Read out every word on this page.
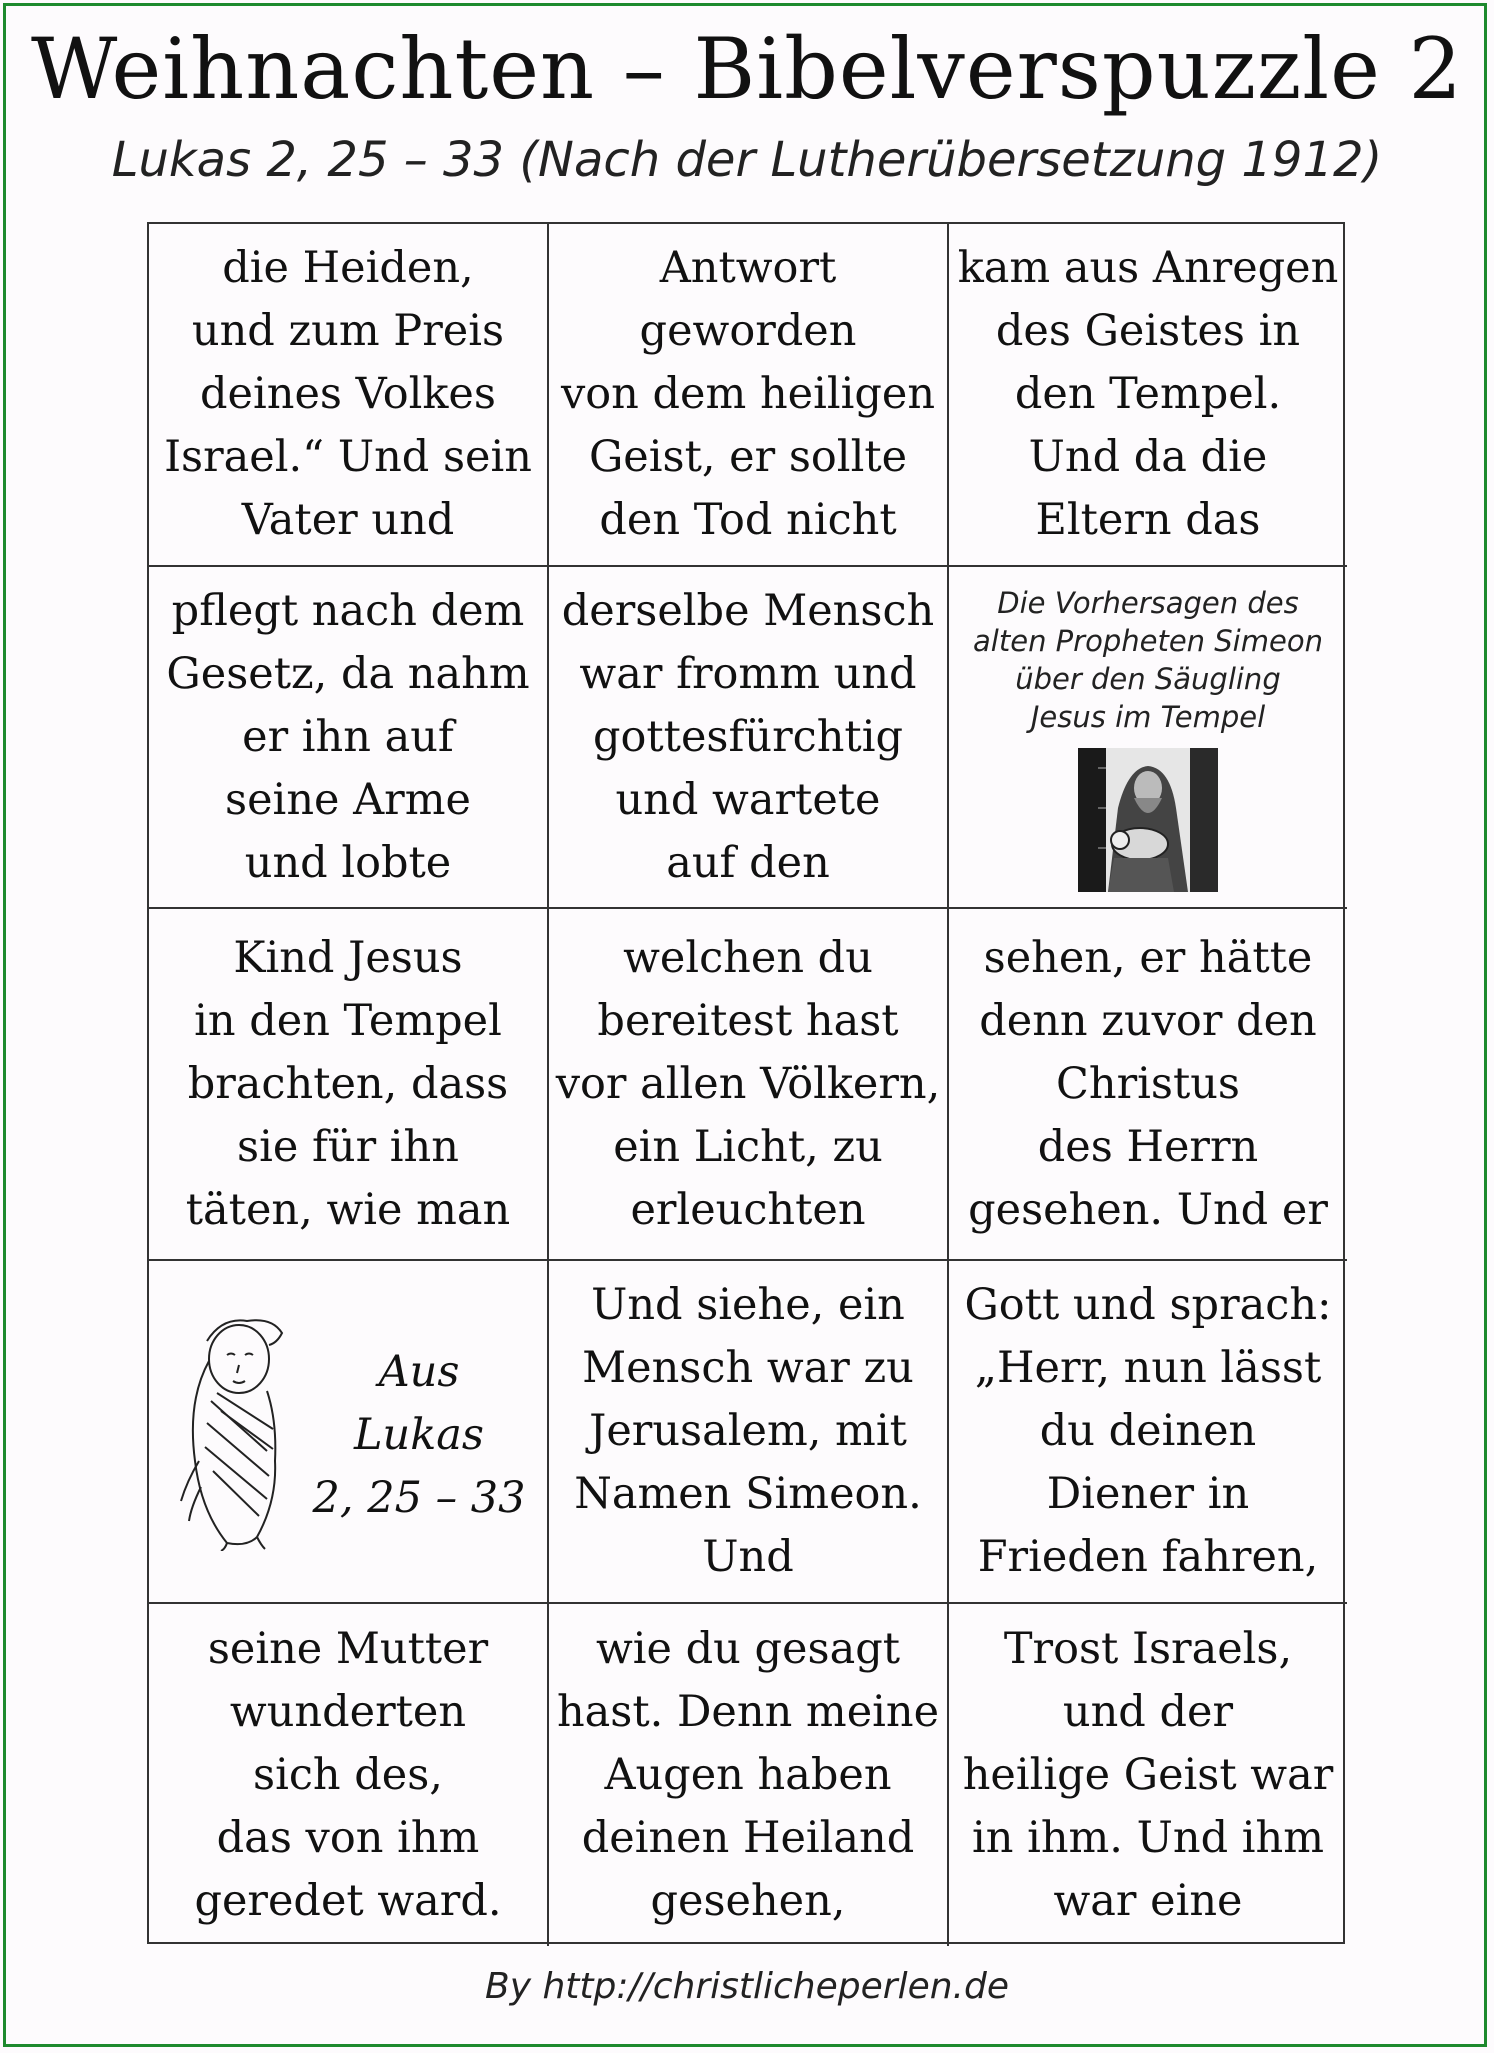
Weihnachten – Bibelverspuzzle 2
Lukas 2, 25 – 33 (Nach der Lutherübersetzung 1912)
die Heiden,
und zum Preis
deines Volkes
Israel.“ Und sein
Vater und
Antwort
geworden
von dem heiligen
Geist, er sollte
den Tod nicht
kam aus Anregen
des Geistes in
den Tempel.
Und da die
Eltern das
pflegt nach dem
Gesetz, da nahm
er ihn auf
seine Arme
und lobte
derselbe Mensch
war fromm und
gottesfürchtig
und wartete
auf den
Die Vorhersagen des
alten Propheten Simeon
über den Säugling
Jesus im Tempel
Kind Jesus
in den Tempel
brachten, dass
sie für ihn
täten, wie man
welchen du
bereitest hast
vor allen Völkern,
ein Licht, zu
erleuchten
sehen, er hätte
denn zuvor den
Christus
des Herrn
gesehen. Und er
Aus
Lukas
2, 25 – 33
Und siehe, ein
Mensch war zu
Jerusalem, mit
Namen Simeon.
Und
Gott und sprach:
„Herr, nun lässt
du deinen
Diener in
Frieden fahren,
seine Mutter
wunderten
sich des,
das von ihm
geredet ward.
wie du gesagt
hast. Denn meine
Augen haben
deinen Heiland
gesehen,
Trost Israels,
und der
heilige Geist war
in ihm. Und ihm
war eine
By http://christlicheperlen.de
